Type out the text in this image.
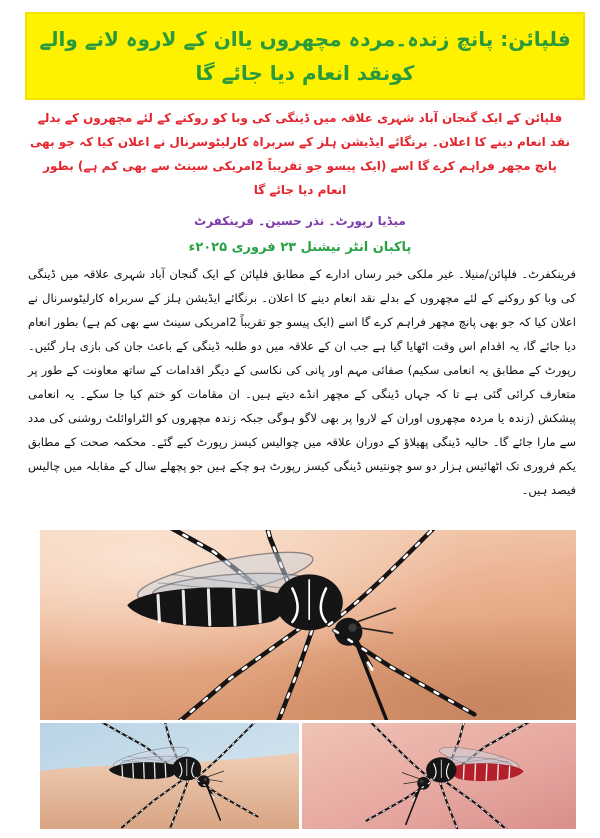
فلپائن: پانچ زندہ۔مردہ مچھروں یاان کے لاروہ لانے والے کونقد انعام دیا جائے گا

فلپائن کے ایک گنجان آباد شہری علاقہ میں ڈینگی کی وبا کو روکنے کے لئے مچھروں کے بدلے نقد انعام دینے کا اعلان۔ برنگائے ایڈیشن ہلز کے سربراہ کارلیٹوسرنال نے اعلان کیا کہ جو بھی پانچ مچھر فراہم کرے گا اسے (ایک پیسو جو تقریباً 2امریکی سینٹ سے بھی کم ہے) بطور انعام دیا جائے گا

میڈیا رپورٹ۔ نذر حسین۔ فرینکفرٹ

پاکبان انٹر نیشنل ۲۳ فروری ۲۰۲۵ء

فرینکفرٹ۔ فلپائن/منیلا۔ غیر ملکی خبر رساں ادارے کے مطابق فلپائن کے ایک گنجان آباد شہری علاقہ میں ڈینگی کی وبا کو روکنے کے لئے مچھروں کے بدلے نقد انعام دینے کا اعلان۔ برنگائے ایڈیشن ہلز کے سربراہ کارلیٹوسرنال نے اعلان کیا کہ جو بھی پانچ مچھر فراہم کرے گا اسے (ایک پیسو جو تقریباً 2امریکی سینٹ سے بھی کم ہے) بطور انعام دیا جائے گا، یہ اقدام اس وقت اٹھایا گیا ہے جب ان کے علاقہ میں دو طلبہ ڈینگی کے باعث جان کی بازی ہار گئیں۔ رپورٹ کے مطابق یہ انعامی سکیم) صفائی مہم اور پانی کی نکاسی کے دیگر اقدامات کے ساتھ معاونت کے طور پر متعارف کرائی گئی ہے تا کہ جہاں ڈینگی کے مچھر انڈے دیتے ہیں۔ ان مقامات کو ختم کیا جا سکے۔ یہ انعامی پیشکش (زندہ یا مردہ مچھروں اوران کے لاروا پر بھی لاگو ہوگی جبکہ زندہ مچھروں کو الٹراوائلٹ روشنی کی مدد سے مارا جائے گا۔ حالیہ ڈینگی پھیلاؤ کے دوران علاقہ میں چوالیس کیسز رپورٹ کیے گئے۔ محکمہ صحت کے مطابق یکم فروری تک اٹھائیس ہزار دو سو چونتیس ڈینگی کیسز رپورٹ ہو چکے ہیں جو پچھلے سال کے مقابلہ میں چالیس فیصد ہیں۔
